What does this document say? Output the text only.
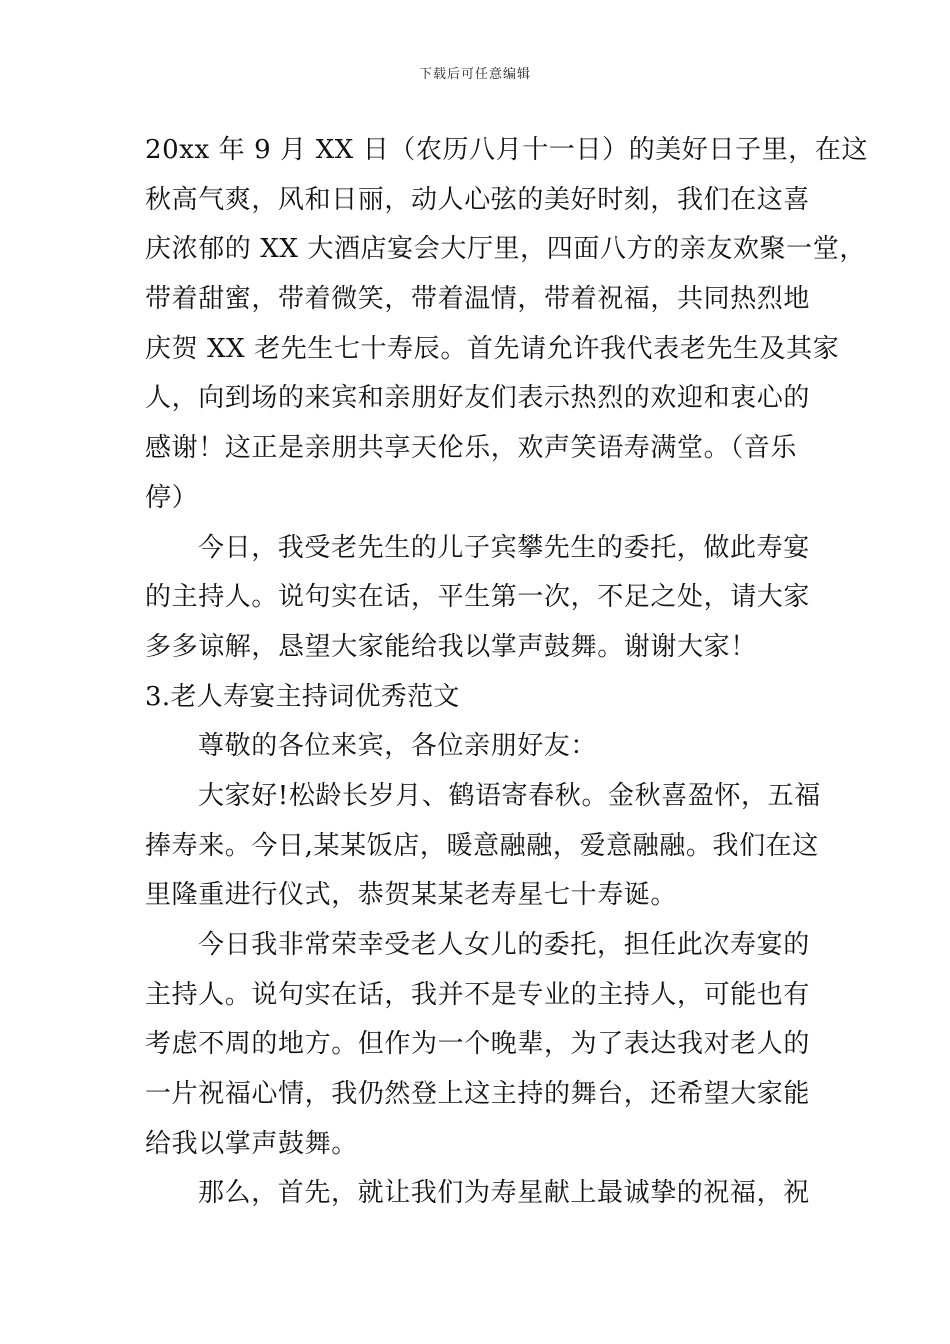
下载后可任意编辑
20xx 年 9 月 XX 日（农历八月十一日）的美好日子里，在这
秋高气爽，风和日丽，动人心弦的美好时刻，我们在这喜
庆浓郁的 XX 大酒店宴会大厅里，四面八方的亲友欢聚一堂，
带着甜蜜，带着微笑，带着温情，带着祝福，共同热烈地
庆贺 XX 老先生七十寿辰。首先请允许我代表老先生及其家
人，向到场的来宾和亲朋好友们表示热烈的欢迎和衷心的
感谢！这正是亲朋共享天伦乐，欢声笑语寿满堂。（音乐
停）
今日，我受老先生的儿子宾攀先生的委托，做此寿宴
的主持人。说句实在话，平生第一次，不足之处，请大家
多多谅解，恳望大家能给我以掌声鼓舞。谢谢大家！
3.老人寿宴主持词优秀范文
尊敬的各位来宾，各位亲朋好友：
大家好!松龄长岁月、鹤语寄春秋。金秋喜盈怀，五福
捧寿来。今日,某某饭店，暖意融融，爱意融融。我们在这
里隆重进行仪式，恭贺某某老寿星七十寿诞。
今日我非常荣幸受老人女儿的委托，担任此次寿宴的
主持人。说句实在话，我并不是专业的主持人，可能也有
考虑不周的地方。但作为一个晚辈，为了表达我对老人的
一片祝福心情，我仍然登上这主持的舞台，还希望大家能
给我以掌声鼓舞。
那么，首先，就让我们为寿星献上最诚挚的祝福，祝
